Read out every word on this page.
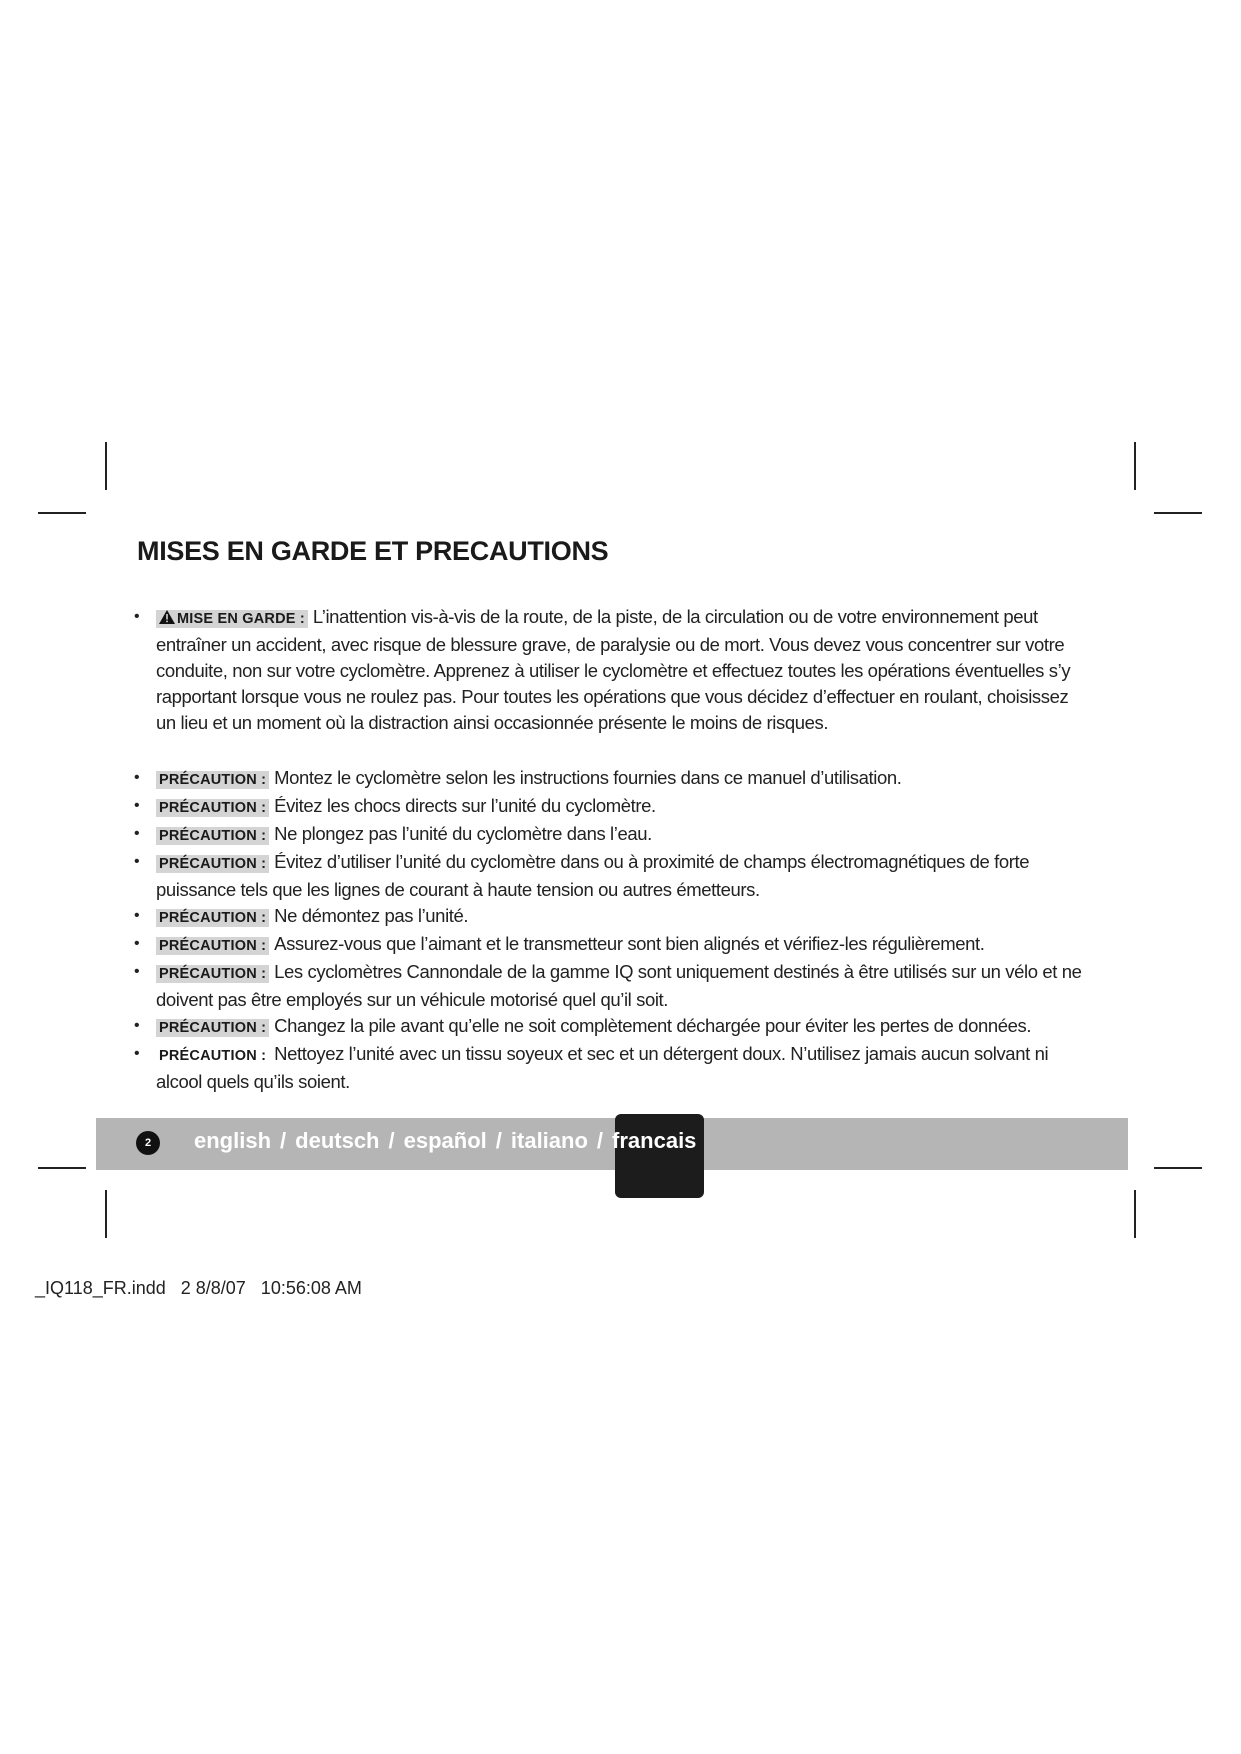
MISES EN GARDE ET PRECAUTIONS
• MISE EN GARDE : L’inattention vis-à-vis de la route, de la piste, de la circulation ou de votre environnement peut entraîner un accident, avec risque de blessure grave, de paralysie ou de mort. Vous devez vous concentrer sur votre conduite, non sur votre cyclomètre. Apprenez à utiliser le cyclomètre et effectuez toutes les opérations éventuelles s’y rapportant lorsque vous ne roulez pas. Pour toutes les opérations que vous décidez d’effectuer en roulant, choisissez un lieu et un moment où la distraction ainsi occasionnée présente le moins de risques.
• PRÉCAUTION : Montez le cyclomètre selon les instructions fournies dans ce manuel d’utilisation.
• PRÉCAUTION : Évitez les chocs directs sur l’unité du cyclomètre.
• PRÉCAUTION : Ne plongez pas l’unité du cyclomètre dans l’eau.
• PRÉCAUTION : Évitez d’utiliser l’unité du cyclomètre dans ou à proximité de champs électromagnétiques de forte puissance tels que les lignes de courant à haute tension ou autres émetteurs.
• PRÉCAUTION : Ne démontez pas l’unité.
• PRÉCAUTION : Assurez-vous que l’aimant et le transmetteur sont bien alignés et vérifiez-les régulièrement.
• PRÉCAUTION : Les cyclomètres Cannondale de la gamme IQ sont uniquement destinés à être utilisés sur un vélo et ne doivent pas être employés sur un véhicule motorisé quel qu’il soit.
• PRÉCAUTION : Changez la pile avant qu’elle ne soit complètement déchargée pour éviter les pertes de données.
• PRÉCAUTION : Nettoyez l’unité avec un tissu soyeux et sec et un détergent doux. N’utilisez jamais aucun solvant ni alcool quels qu’ils soient.
2	english / deutsch / español / italiano / francais
_IQ118_FR.indd   2 8/8/07   10:56:08 AM
